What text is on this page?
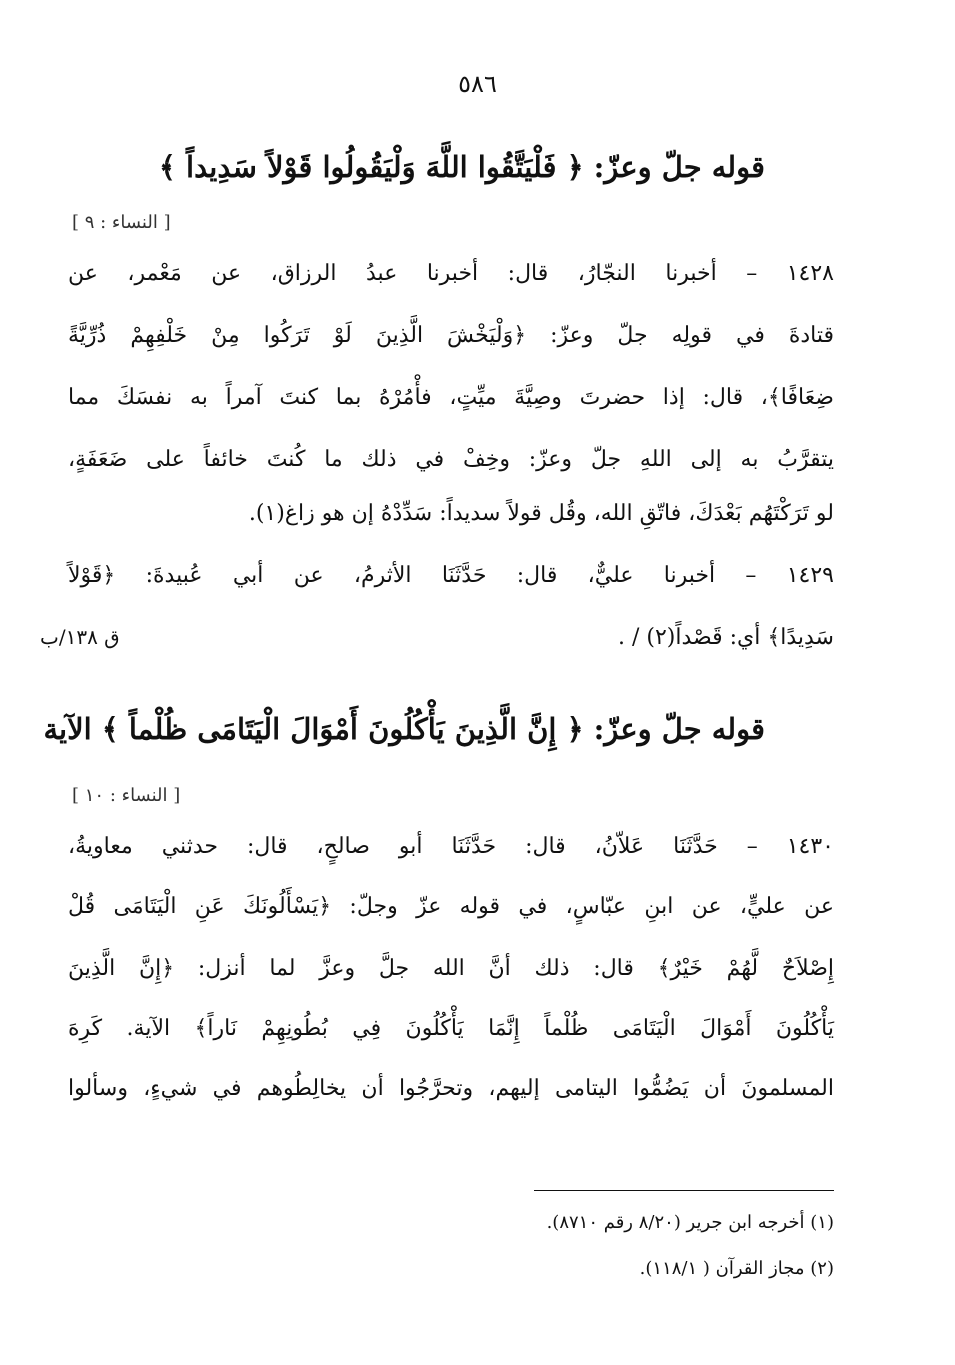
٥٨٦
قوله جلّ وعزّ: ﴿ فَلْيَتَّقُوا اللَّهَ وَلْيَقُولُوا قَوْلاً سَدِيداً ﴾
[ النساء : ٩ ]
١٤٢٨ – أخبرنا النجّارُ، قال: أخبرنا عبدُ الرزاق، عن مَعْمر، عن
قتادةَ في قولِه جلّ وعزّ: ﴿وَلْيَخْشَ الَّذِينَ لَوْ تَرَكُوا مِنْ خَلْفِهِمْ ذُرِّيَّةً
ضِعَافًا﴾، قال: إذا حضرتَ وصِيَّةَ ميِّتٍ، فأْمُرْهُ بما كنتَ آمراً به نفسَكَ مما
يتقرَّبُ به إلى اللهِ جلّ وعزّ: وخِفْ في ذلك ما كُنتَ خائفاً على ضَعَفَةٍ،
لو تَرَكْتَهُم بَعْدَكَ، فاتّقِ الله، وقُل قولاً سديداً: سَدِّدْهُ إن هو زاغ(١).
١٤٢٩ – أخبرنا عليٌّ، قال: حَدَّثَنَا الأثرمُ، عن أبي عُبيدةَ: ﴿قَوْلاً
سَدِيدًا﴾ أي: قَصْداً(٢) / .
ق ١٣٨/ب
قوله جلّ وعزّ: ﴿ إِنَّ الَّذِينَ يَأْكُلُونَ أَمْوَالَ الْيَتَامَى ظُلْماً ﴾ الآية
[ النساء : ١٠ ]
١٤٣٠ – حَدَّثَنَا عَلاّنُ، قال: حَدَّثَنَا أبو صالحٍ، قال: حدثني معاويةُ،
عن عليٍّ، عن ابنِ عبّاسٍ، في قوله عزّ وجلّ: ﴿يَسْأَلُونَكَ عَنِ الْيَتَامَى قُلْ
إِصْلاَحٌ لَّهُمْ خَيْرٌ﴾ قال: ذلك أنَّ الله جلَّ وعزَّ لما أنزل: ﴿إِنَّ الَّذِينَ
يَأْكُلُونَ أَمْوَالَ الْيَتَامَى ظُلْماً إِنَّمَا يَأْكُلُونَ فِي بُطُونِهِمْ نَاراً﴾ الآية. كَرِهَ
المسلمونَ أن يَضُمُّوا اليتامى إليهم، وتحرَّجُوا أن يخالِطُوهم في شيءٍ، وسألوا
(١) أخرجه ابن جرير (٨/٢٠ رقم ٨٧١٠).
(٢) مجاز القرآن ( ١١٨/١).
